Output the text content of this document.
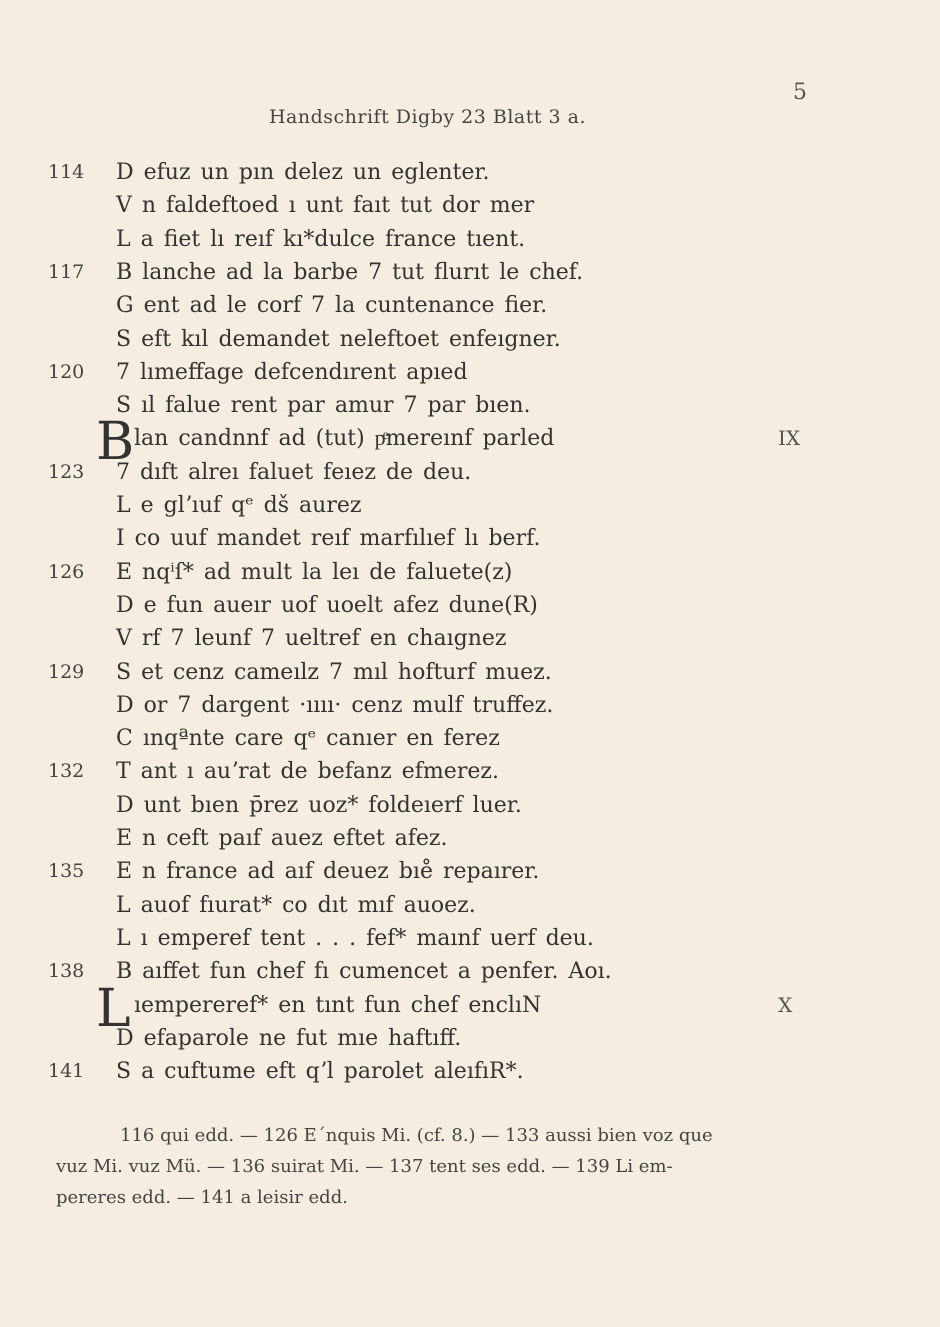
5
Handschrift Digby 23 Blatt 3 a.
114	D efuz un pın delez un eglenter.
V n faldeftoed ı unt faıt tut dor mer
L a fiet lı reıf kı*dulce france tıent.
117	B lanche ad la barbe 7 tut flurıt le chef.
G ent ad le corf 7 la cuntenance fier.
S eft kıl demandet neleftoet enfeıgner.
120	7 lımeffage defcendırent apıed
S ıl falue rent par amur 7 par bıen.
lan candnnf ad (tut) pͤmereınf parled	IX
123	7 dıft alreı faluet feıez de deu.
L e glʼıuf qᵉ dš aurez
I co uuf mandet reıf marfılıef lı berf.
126	E nqⁱſ* ad mult la leı de faluete(z)
D e fun aueır uof uoelt afez dune(R)
V rf 7 leunf 7 ueltref en chaıgnez
129	S et cenz cameılz 7 mıl hofturf muez.
D or 7 dargent ·ıııı· cenz mulf truffez.
C ınqªnte care qᵉ canıer en ferez
132	T ant ı auʼrat de befanz efmerez.
D unt bıen p̄rez uoz* foldeıerf luer.
E n ceft paıf auez eftet afez.
135	E n france ad aıf deuez bıe̊ repaırer.
L auof fıurat* co dıt mıf auoez.
L ı emperef tent . . . fef* maınf uerf deu.
138	B aıffet fun chef fı cumencet a penfer. Aoı.
ıempereref* en tınt fun chef enclıN	X
D efaparole ne fut mıe haftıff.
141	S a cuftume eft qʼl parolet aleıfıR*.
B
L
116 qui edd. — 126 E´nquis Mi. (cf. 8.) — 133 aussi bien voz que
vuz Mi. vuz Mü. — 136 suirat Mi. — 137 tent ses edd. — 139 Li em-
pereres edd. — 141 a leisir edd.
